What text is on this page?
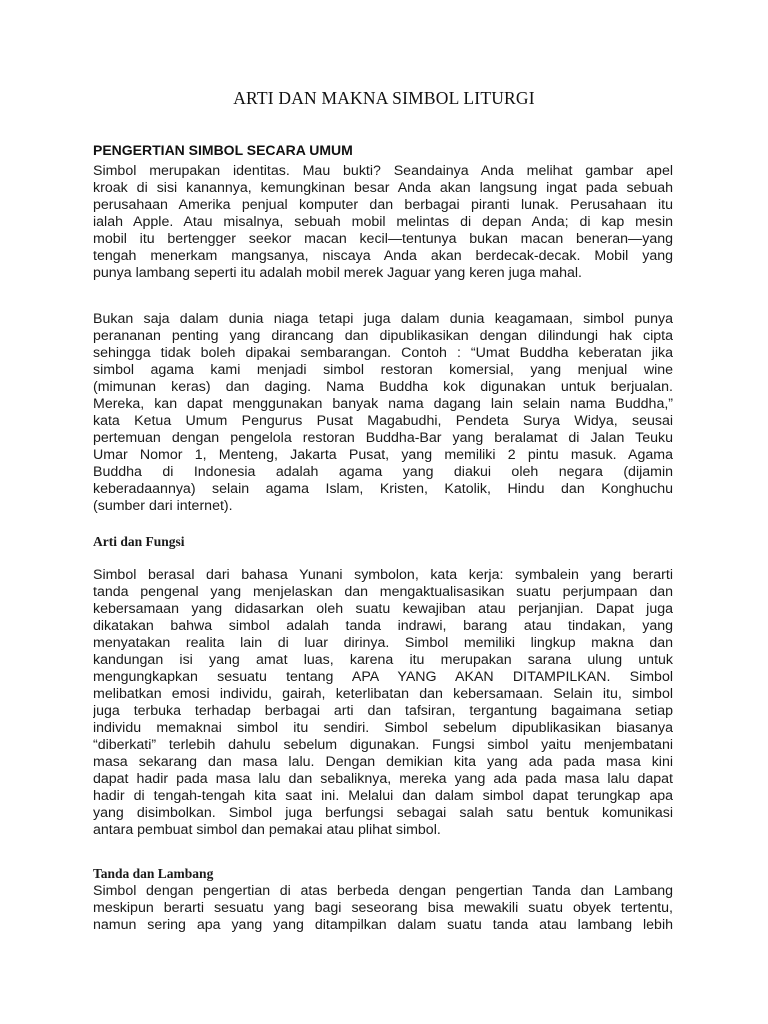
ARTI DAN MAKNA SIMBOL LITURGI
PENGERTIAN SIMBOL SECARA UMUM

Simbol merupakan identitas. Mau bukti? Seandainya Anda melihat gambar apel
kroak di sisi kanannya, kemungkinan besar Anda akan langsung ingat pada sebuah
perusahaan Amerika penjual komputer dan berbagai piranti lunak. Perusahaan itu
ialah Apple. Atau misalnya, sebuah mobil melintas di depan Anda; di kap mesin
mobil itu bertengger seekor macan kecil—tentunya bukan macan beneran—yang
tengah menerkam mangsanya, niscaya Anda akan berdecak-decak. Mobil yang
punya lambang seperti itu adalah mobil merek Jaguar yang keren juga mahal.

Bukan saja dalam dunia niaga tetapi juga dalam dunia keagamaan, simbol punya
perananan penting yang dirancang dan dipublikasikan dengan dilindungi hak cipta
sehingga tidak boleh dipakai sembarangan. Contoh : “Umat Buddha keberatan jika
simbol agama kami menjadi simbol restoran komersial, yang menjual wine
(mimunan keras) dan daging. Nama Buddha kok digunakan untuk berjualan.
Mereka, kan dapat menggunakan banyak nama dagang lain selain nama Buddha,”
kata Ketua Umum Pengurus Pusat Magabudhi, Pendeta Surya Widya, seusai
pertemuan dengan pengelola restoran Buddha-Bar yang beralamat di Jalan Teuku
Umar Nomor 1, Menteng, Jakarta Pusat, yang memiliki 2 pintu masuk. Agama
Buddha di Indonesia adalah agama yang diakui oleh negara (dijamin
keberadaannya) selain agama Islam, Kristen, Katolik, Hindu dan Konghuchu
(sumber dari internet).

Arti dan Fungsi

Simbol berasal dari bahasa Yunani symbolon, kata kerja: symbalein yang berarti
tanda pengenal yang menjelaskan dan mengaktualisasikan suatu perjumpaan dan
kebersamaan yang didasarkan oleh suatu kewajiban atau perjanjian. Dapat juga
dikatakan bahwa simbol adalah tanda indrawi, barang atau tindakan, yang
menyatakan realita lain di luar dirinya. Simbol memiliki lingkup makna dan
kandungan isi yang amat luas, karena itu merupakan sarana ulung untuk
mengungkapkan sesuatu tentang APA YANG AKAN DITAMPILKAN. Simbol
melibatkan emosi individu, gairah, keterlibatan dan kebersamaan. Selain itu, simbol
juga terbuka terhadap berbagai arti dan tafsiran, tergantung bagaimana setiap
individu memaknai simbol itu sendiri. Simbol sebelum dipublikasikan biasanya
“diberkati” terlebih dahulu sebelum digunakan. Fungsi simbol yaitu menjembatani
masa sekarang dan masa lalu. Dengan demikian kita yang ada pada masa kini
dapat hadir pada masa lalu dan sebaliknya, mereka yang ada pada masa lalu dapat
hadir di tengah-tengah kita saat ini. Melalui dan dalam simbol dapat terungkap apa
yang disimbolkan. Simbol juga berfungsi sebagai salah satu bentuk komunikasi
antara pembuat simbol dan pemakai atau plihat simbol.

Tanda dan Lambang

Simbol dengan pengertian di atas berbeda dengan pengertian Tanda dan Lambang
meskipun berarti sesuatu yang bagi seseorang bisa mewakili suatu obyek tertentu,
namun sering apa yang yang ditampilkan dalam suatu tanda atau lambang lebih
